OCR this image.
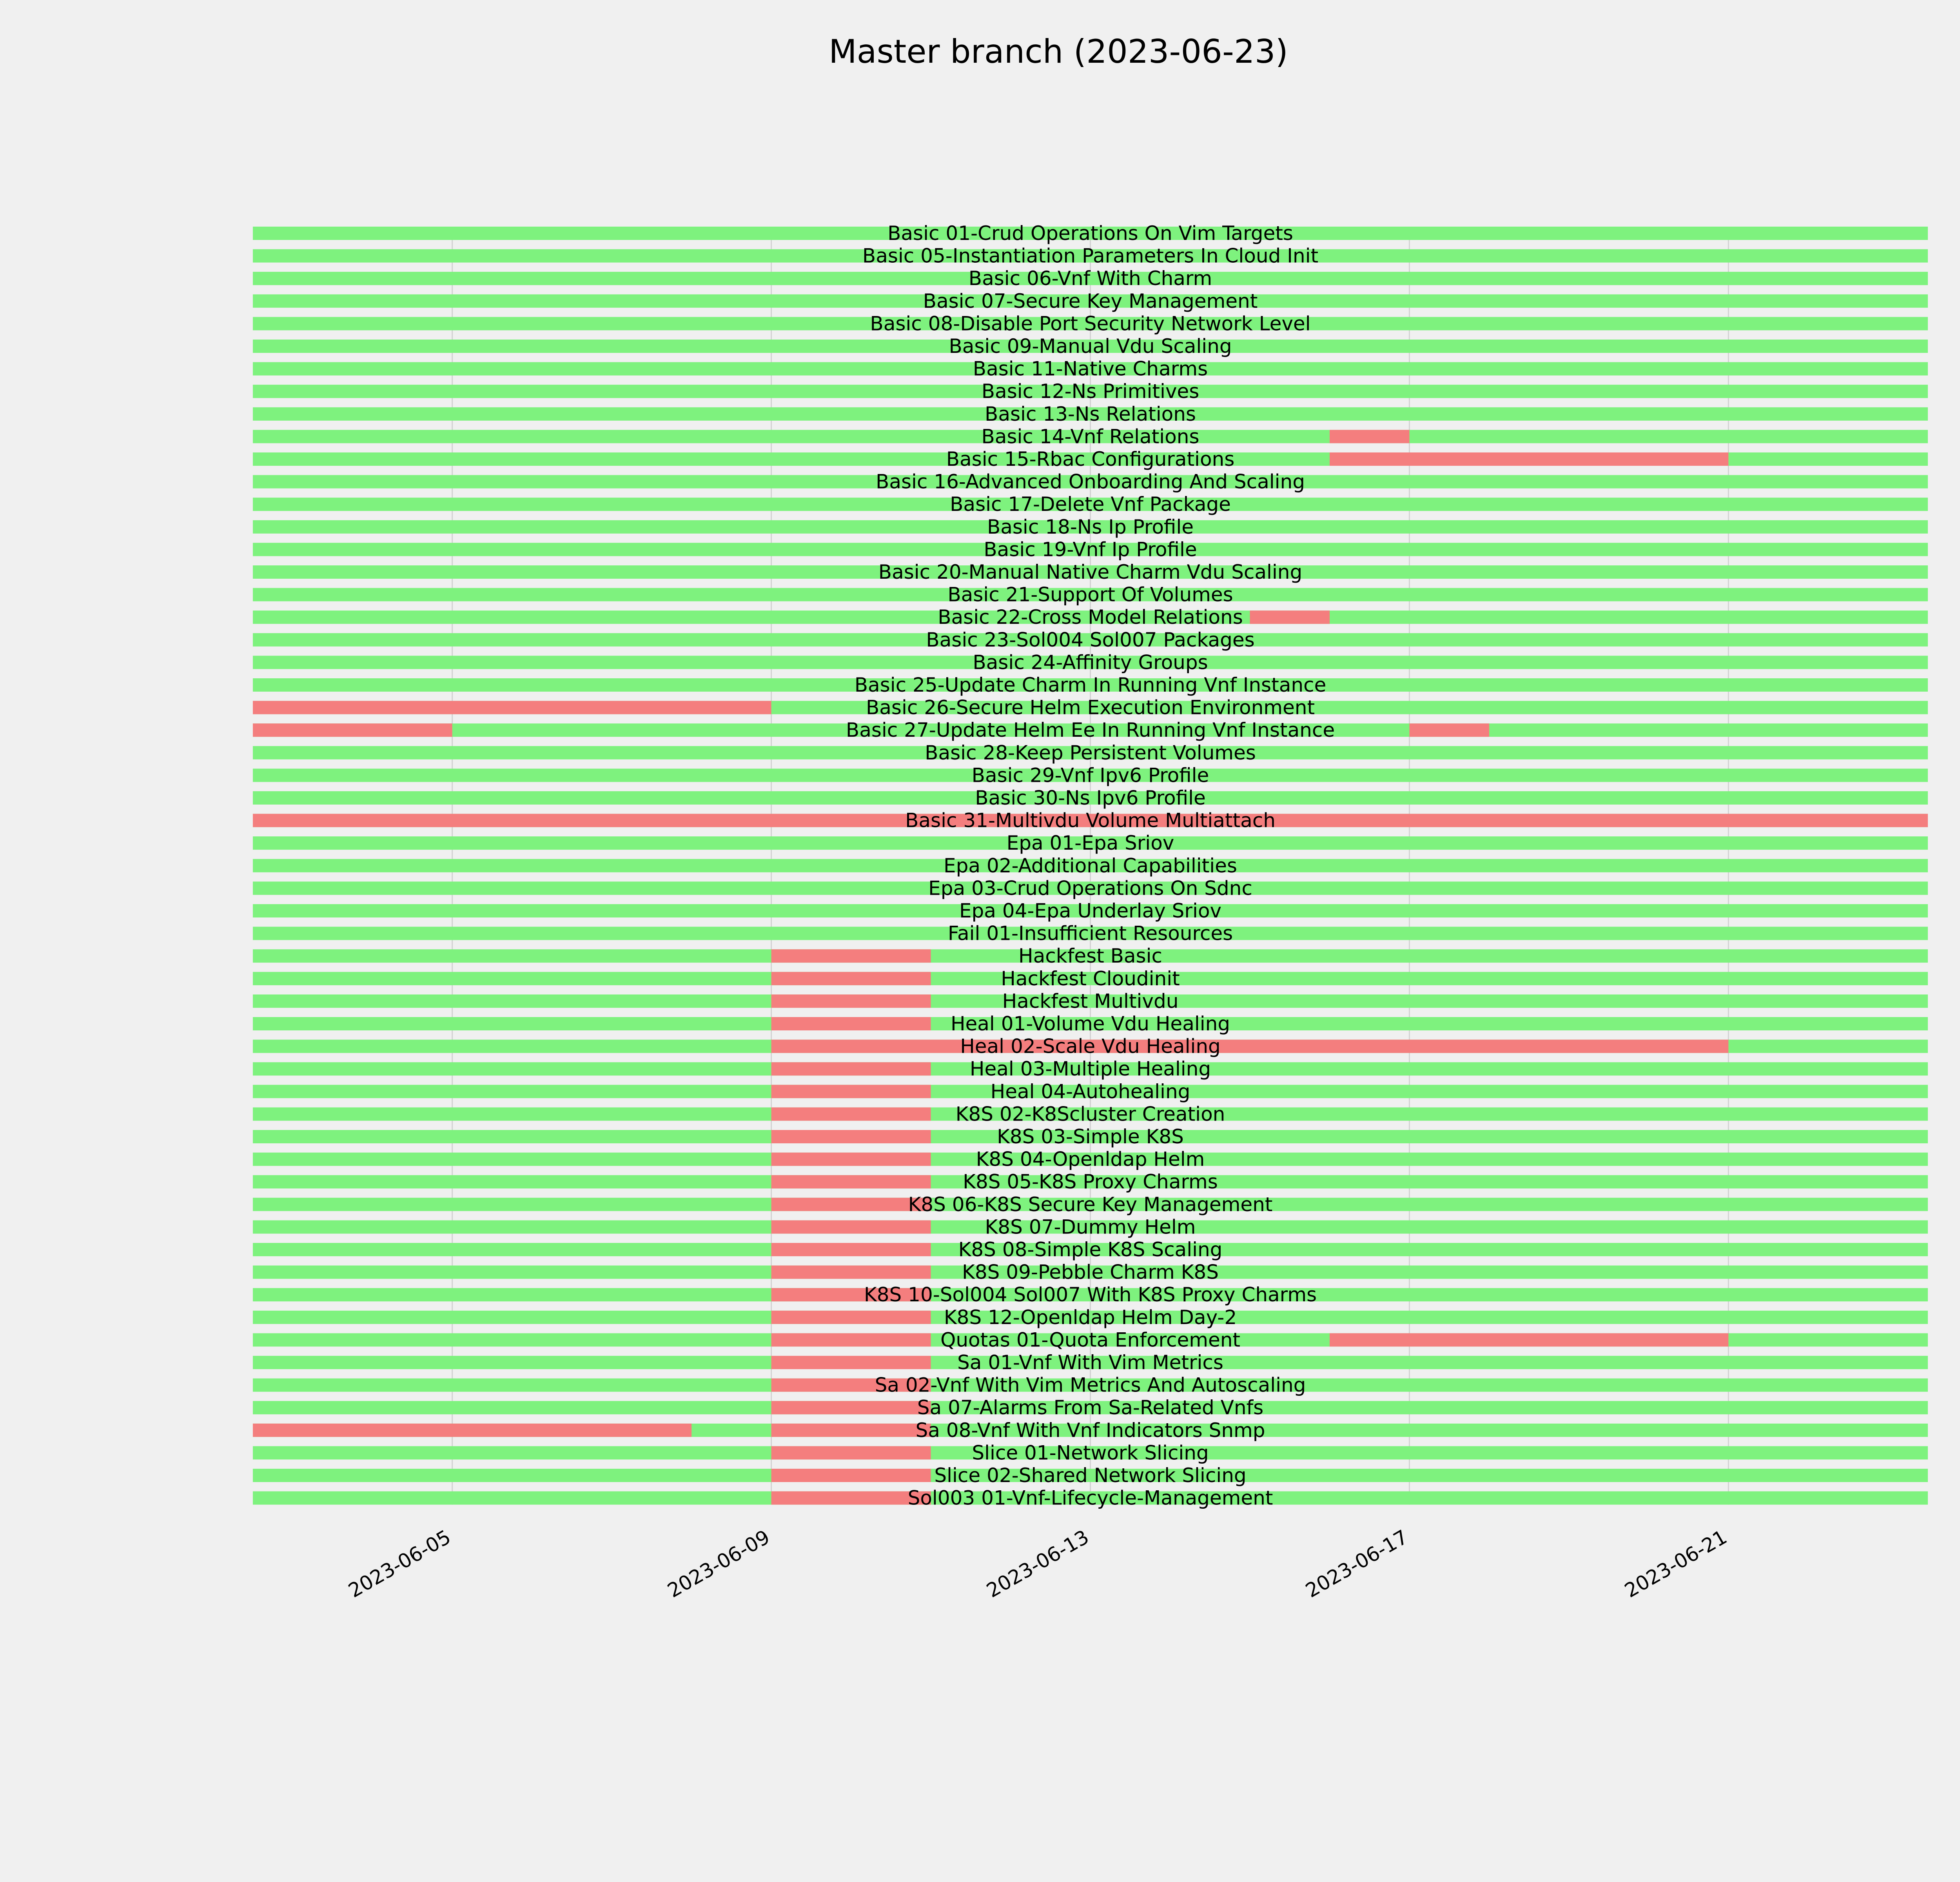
Master branch (2023-06-23)
Basic 01-Crud Operations On Vim Targets
Basic 05-Instantiation Parameters In Cloud Init
Basic 06-Vnf With Charm
Basic 07-Secure Key Management
Basic 08-Disable Port Security Network Level
Basic 09-Manual Vdu Scaling
Basic 11-Native Charms
Basic 12-Ns Primitives
Basic 13-Ns Relations
Basic 14-Vnf Relations
Basic 15-Rbac Configurations
Basic 16-Advanced Onboarding And Scaling
Basic 17-Delete Vnf Package
Basic 18-Ns Ip Profile
Basic 19-Vnf Ip Profile
Basic 20-Manual Native Charm Vdu Scaling
Basic 21-Support Of Volumes
Basic 22-Cross Model Relations
Basic 23-Sol004 Sol007 Packages
Basic 24-Affinity Groups
Basic 25-Update Charm In Running Vnf Instance
Basic 26-Secure Helm Execution Environment
Basic 27-Update Helm Ee In Running Vnf Instance
Basic 28-Keep Persistent Volumes
Basic 29-Vnf Ipv6 Profile
Basic 30-Ns Ipv6 Profile
Basic 31-Multivdu Volume Multiattach
Epa 01-Epa Sriov
Epa 02-Additional Capabilities
Epa 03-Crud Operations On Sdnc
Epa 04-Epa Underlay Sriov
Fail 01-Insufficient Resources
Hackfest Basic
Hackfest Cloudinit
Hackfest Multivdu
Heal 01-Volume Vdu Healing
Heal 02-Scale Vdu Healing
Heal 03-Multiple Healing
Heal 04-Autohealing
K8S 02-K8Scluster Creation
K8S 03-Simple K8S
K8S 04-Openldap Helm
K8S 05-K8S Proxy Charms
K8S 06-K8S Secure Key Management
K8S 07-Dummy Helm
K8S 08-Simple K8S Scaling
K8S 09-Pebble Charm K8S
K8S 10-Sol004 Sol007 With K8S Proxy Charms
K8S 12-Openldap Helm Day-2
Quotas 01-Quota Enforcement
Sa 01-Vnf With Vim Metrics
Sa 02-Vnf With Vim Metrics And Autoscaling
Sa 07-Alarms From Sa-Related Vnfs
Sa 08-Vnf With Vnf Indicators Snmp
Slice 01-Network Slicing
Slice 02-Shared Network Slicing
Sol003 01-Vnf-Lifecycle-Management
2023-06-05	2023-06-09	2023-06-13	2023-06-17	2023-06-21
